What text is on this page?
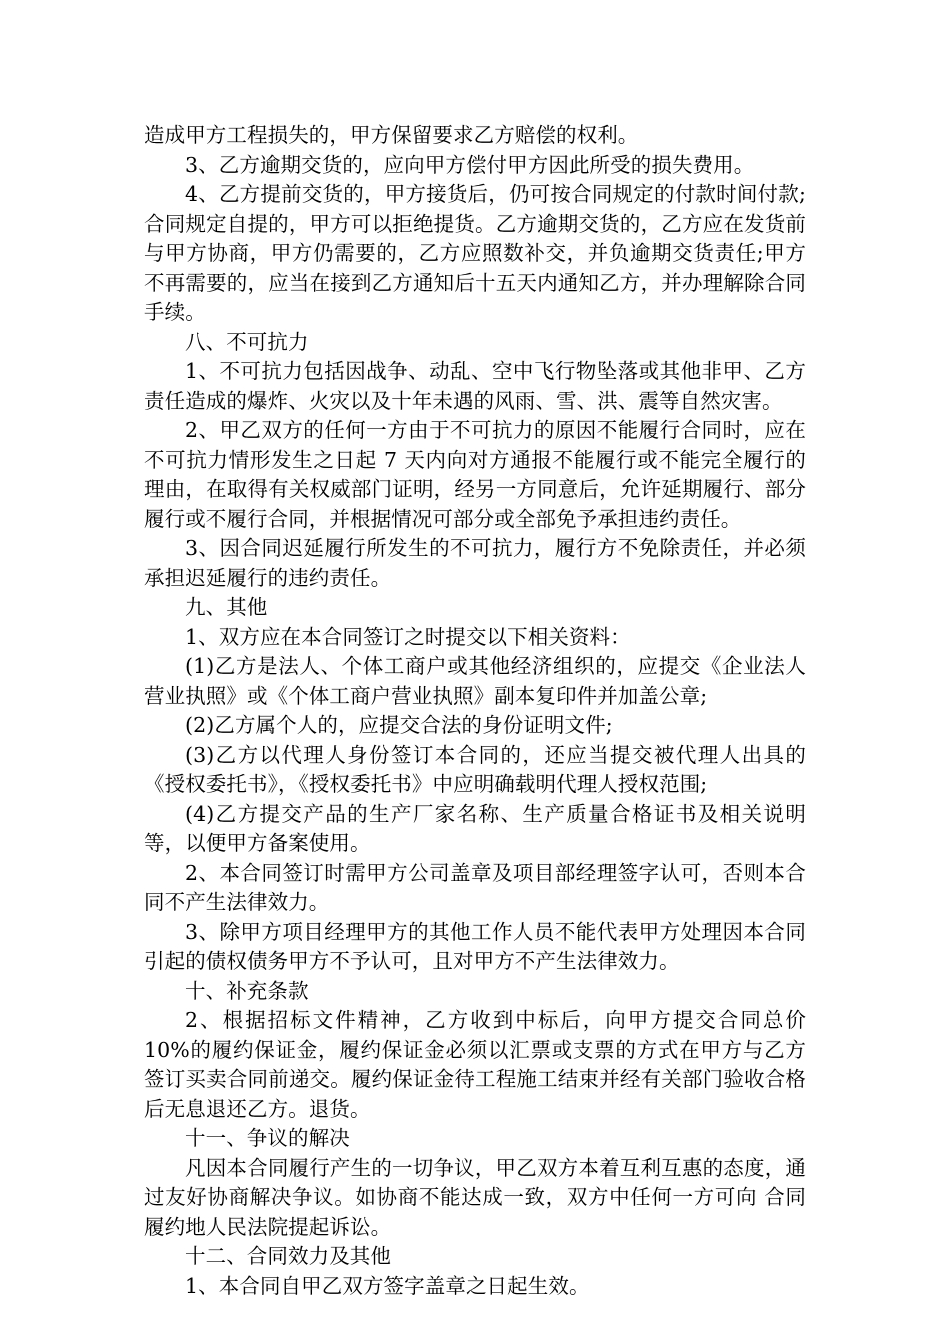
造成甲方工程损失的，甲方保留要求乙方赔偿的权利。

3、乙方逾期交货的，应向甲方偿付甲方因此所受的损失费用。

4、乙方提前交货的，甲方接货后，仍可按合同规定的付款时间付款;合同规定自提的，甲方可以拒绝提货。乙方逾期交货的，乙方应在发货前与甲方协商，甲方仍需要的，乙方应照数补交，并负逾期交货责任;甲方不再需要的，应当在接到乙方通知后十五天内通知乙方，并办理解除合同手续。

八、不可抗力

1、不可抗力包括因战争、动乱、空中飞行物坠落或其他非甲、乙方责任造成的爆炸、火灾以及十年未遇的风雨、雪、洪、震等自然灾害。

2、甲乙双方的任何一方由于不可抗力的原因不能履行合同时，应在不可抗力情形发生之日起 7 天内向对方通报不能履行或不能完全履行的理由，在取得有关权威部门证明，经另一方同意后，允许延期履行、部分履行或不履行合同，并根据情况可部分或全部免予承担违约责任。

3、因合同迟延履行所发生的不可抗力，履行方不免除责任，并必须承担迟延履行的违约责任。

九、其他

1、双方应在本合同签订之时提交以下相关资料：

(1)乙方是法人、个体工商户或其他经济组织的，应提交《企业法人营业执照》或《个体工商户营业执照》副本复印件并加盖公章;

(2)乙方属个人的，应提交合法的身份证明文件;

(3)乙方以代理人身份签订本合同的，还应当提交被代理人出具的《授权委托书》，《授权委托书》中应明确载明代理人授权范围;

(4)乙方提交产品的生产厂家名称、生产质量合格证书及相关说明等，以便甲方备案使用。

2、本合同签订时需甲方公司盖章及项目部经理签字认可，否则本合同不产生法律效力。

3、除甲方项目经理甲方的其他工作人员不能代表甲方处理因本合同引起的债权债务甲方不予认可，且对甲方不产生法律效力。

十、补充条款

2、根据招标文件精神，乙方收到中标后，向甲方提交合同总价 10%的履约保证金，履约保证金必须以汇票或支票的方式在甲方与乙方签订买卖合同前递交。履约保证金待工程施工结束并经有关部门验收合格后无息退还乙方。退货。

十一、争议的解决

凡因本合同履行产生的一切争议，甲乙双方本着互利互惠的态度，通过友好协商解决争议。如协商不能达成一致，双方中任何一方可向 合同履约地人民法院提起诉讼。

十二、合同效力及其他

1、本合同自甲乙双方签字盖章之日起生效。
